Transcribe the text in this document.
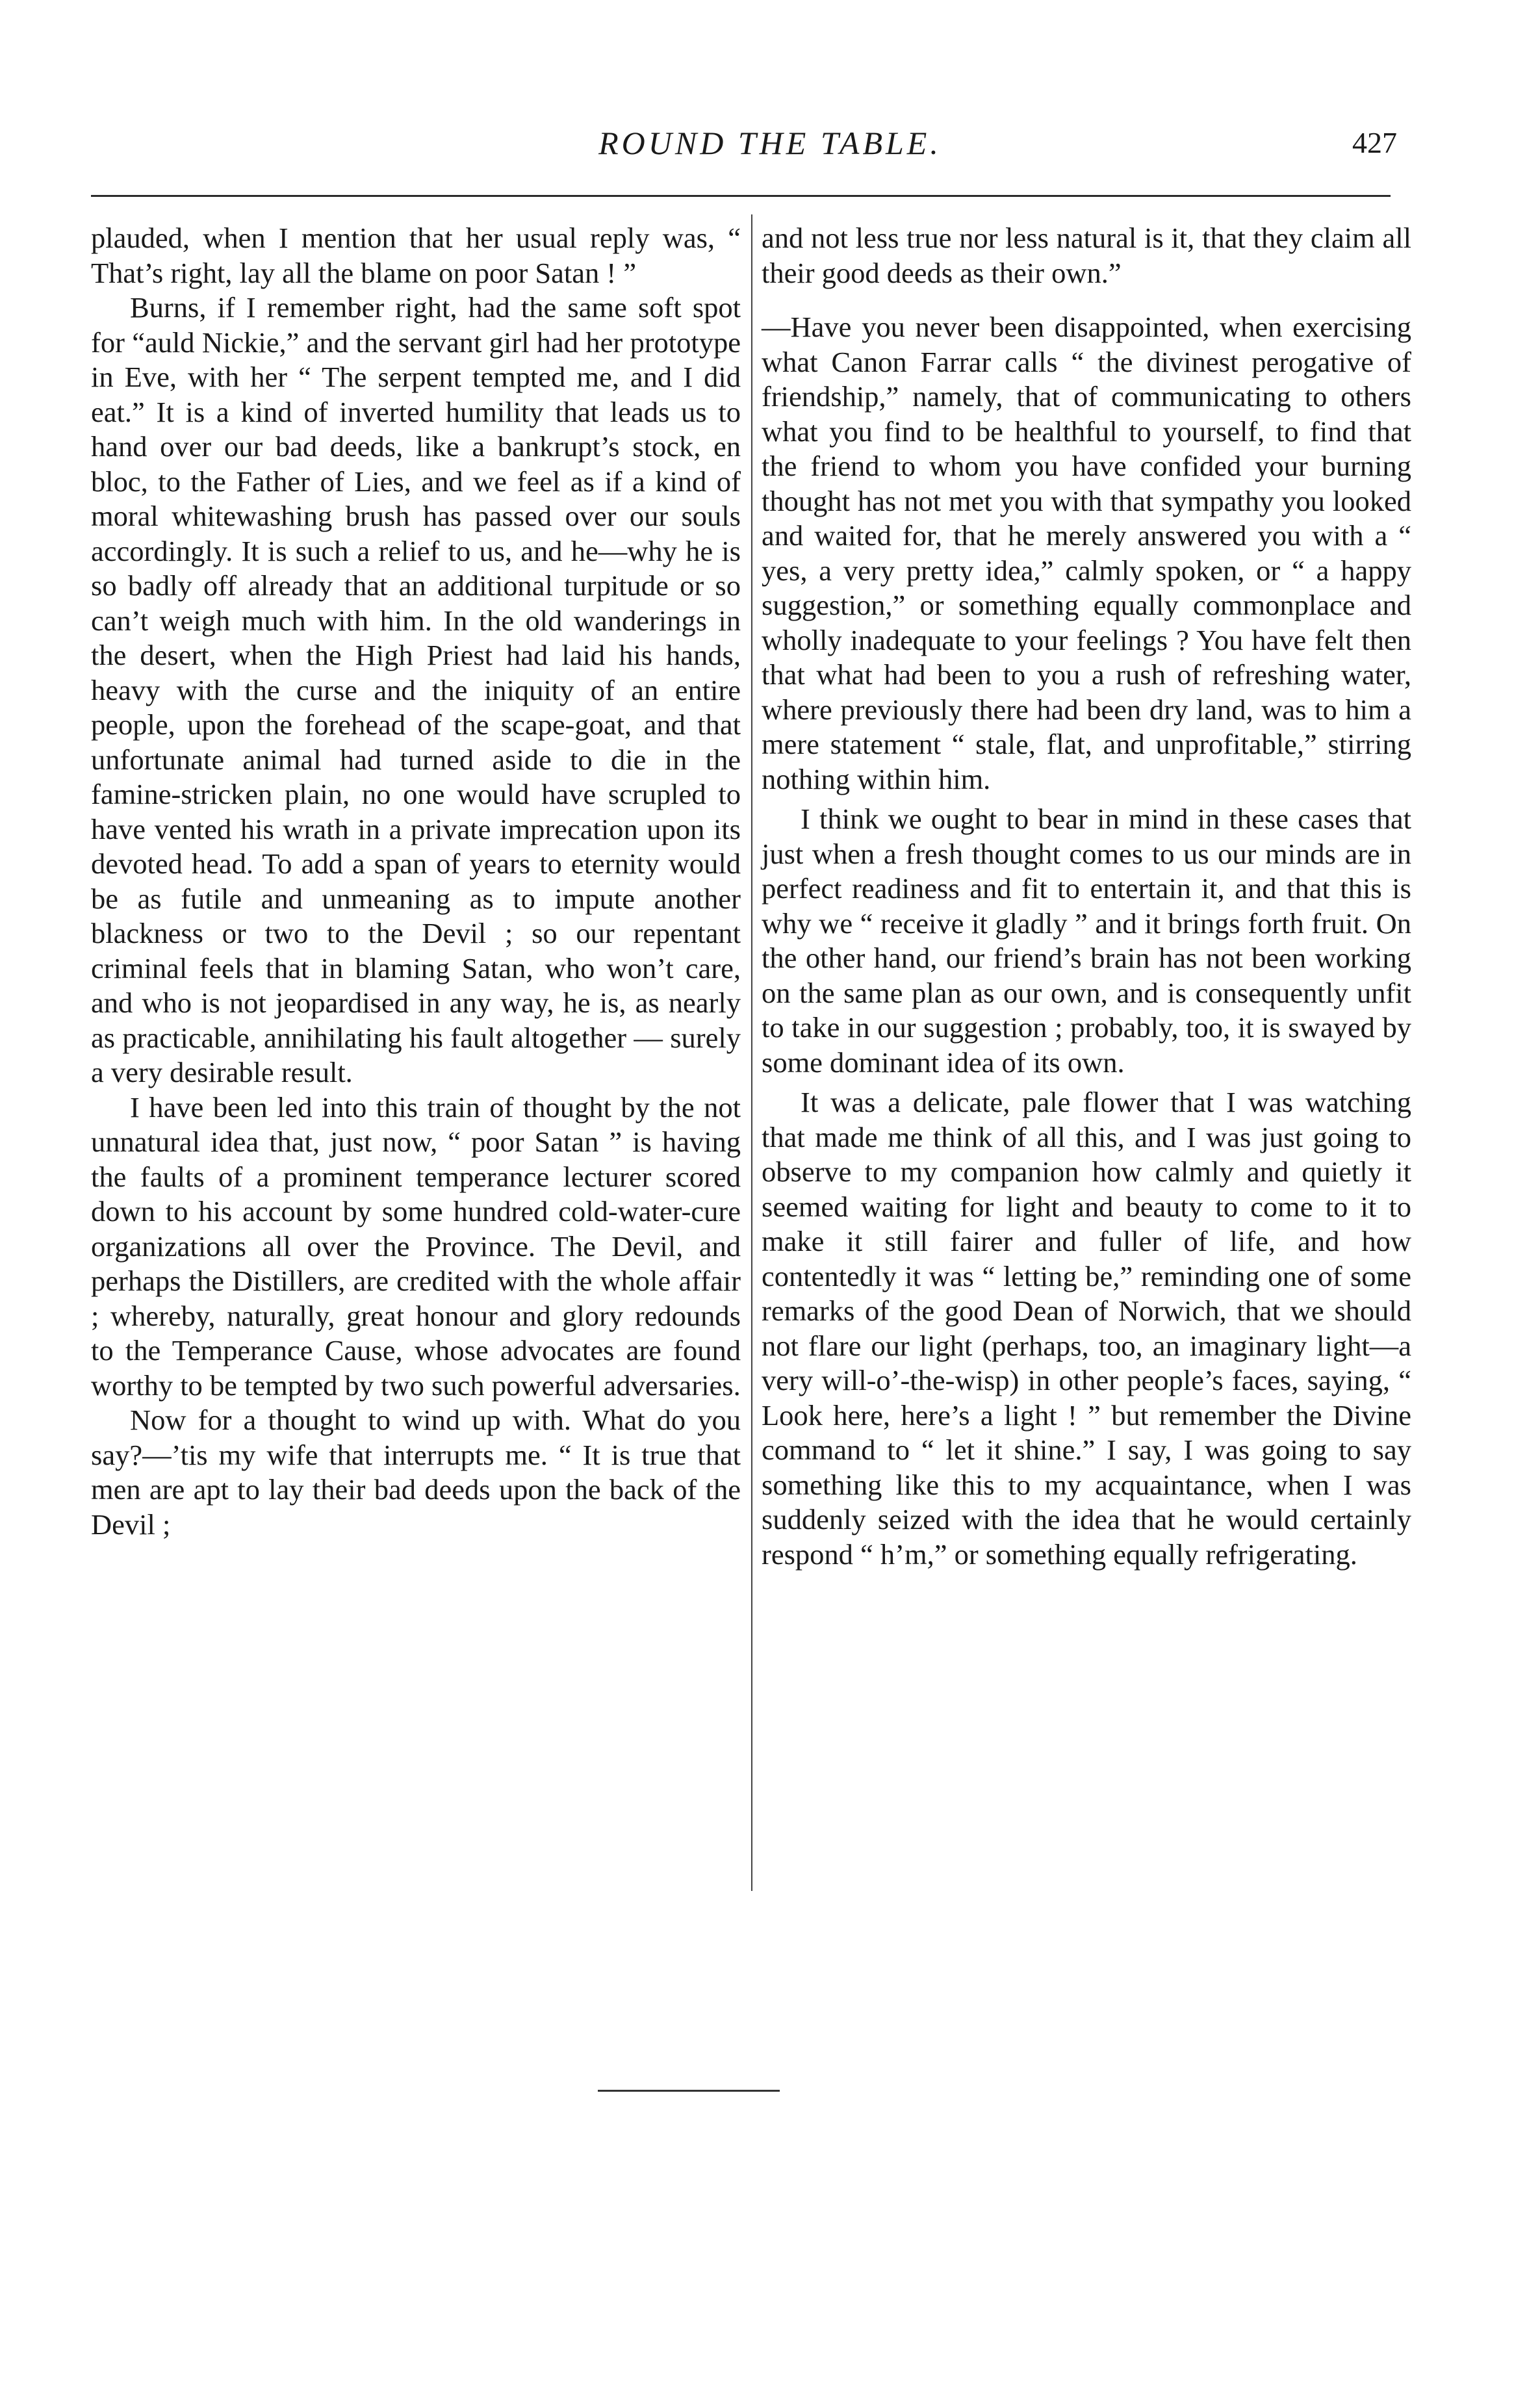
ROUND THE TABLE.	427

plauded, when I mention that her usual reply was, “ That’s right, lay all the blame on poor Satan ! ”

Burns, if I remember right, had the same soft spot for “auld Nickie,” and the servant girl had her prototype in Eve, with her “ The serpent tempted me, and I did eat.” It is a kind of inverted humility that leads us to hand over our bad deeds, like a bankrupt’s stock, en bloc, to the Father of Lies, and we feel as if a kind of moral whitewashing brush has passed over our souls accordingly. It is such a relief to us, and he—why he is so badly off already that an additional turpitude or so can’t weigh much with him. In the old wanderings in the desert, when the High Priest had laid his hands, heavy with the curse and the iniquity of an entire people, upon the forehead of the scape-goat, and that unfortunate animal had turned aside to die in the famine-stricken plain, no one would have scrupled to have vented his wrath in a private imprecation upon its devoted head. To add a span of years to eternity would be as futile and unmeaning as to impute another blackness or two to the Devil ; so our repentant criminal feels that in blaming Satan, who won’t care, and who is not jeopardised in any way, he is, as nearly as practicable, annihilating his fault altogether — surely a very desirable result.

I have been led into this train of thought by the not unnatural idea that, just now, “ poor Satan ” is having the faults of a prominent temperance lecturer scored down to his account by some hundred cold-water-cure organizations all over the Province. The Devil, and perhaps the Distillers, are credited with the whole affair ; whereby, naturally, great honour and glory redounds to the Temperance Cause, whose advocates are found worthy to be tempted by two such powerful adversaries.

Now for a thought to wind up with. What do you say?—’tis my wife that interrupts me. “ It is true that men are apt to lay their bad deeds upon the back of the Devil ;

and not less true nor less natural is it, that they claim all their good deeds as their own.”

—Have you never been disappointed, when exercising what Canon Farrar calls “ the divinest perogative of friendship,” namely, that of communicating to others what you find to be healthful to yourself, to find that the friend to whom you have confided your burning thought has not met you with that sympathy you looked and waited for, that he merely answered you with a “ yes, a very pretty idea,” calmly spoken, or “ a happy suggestion,” or something equally commonplace and wholly inadequate to your feelings ? You have felt then that what had been to you a rush of refreshing water, where previously there had been dry land, was to him a mere statement “ stale, flat, and unprofitable,” stirring nothing within him.

I think we ought to bear in mind in these cases that just when a fresh thought comes to us our minds are in perfect readiness and fit to entertain it, and that this is why we “ receive it gladly ” and it brings forth fruit. On the other hand, our friend’s brain has not been working on the same plan as our own, and is consequently unfit to take in our suggestion ; probably, too, it is swayed by some dominant idea of its own.

It was a delicate, pale flower that I was watching that made me think of all this, and I was just going to observe to my companion how calmly and quietly it seemed waiting for light and beauty to come to it to make it still fairer and fuller of life, and how contentedly it was “ letting be,” reminding one of some remarks of the good Dean of Norwich, that we should not flare our light (perhaps, too, an imaginary light—a very will-o’-the-wisp) in other people’s faces, saying, “ Look here, here’s a light ! ” but remember the Divine command to “ let it shine.” I say, I was going to say something like this to my acquaintance, when I was suddenly seized with the idea that he would certainly respond “ h’m,” or something equally refrigerating.
